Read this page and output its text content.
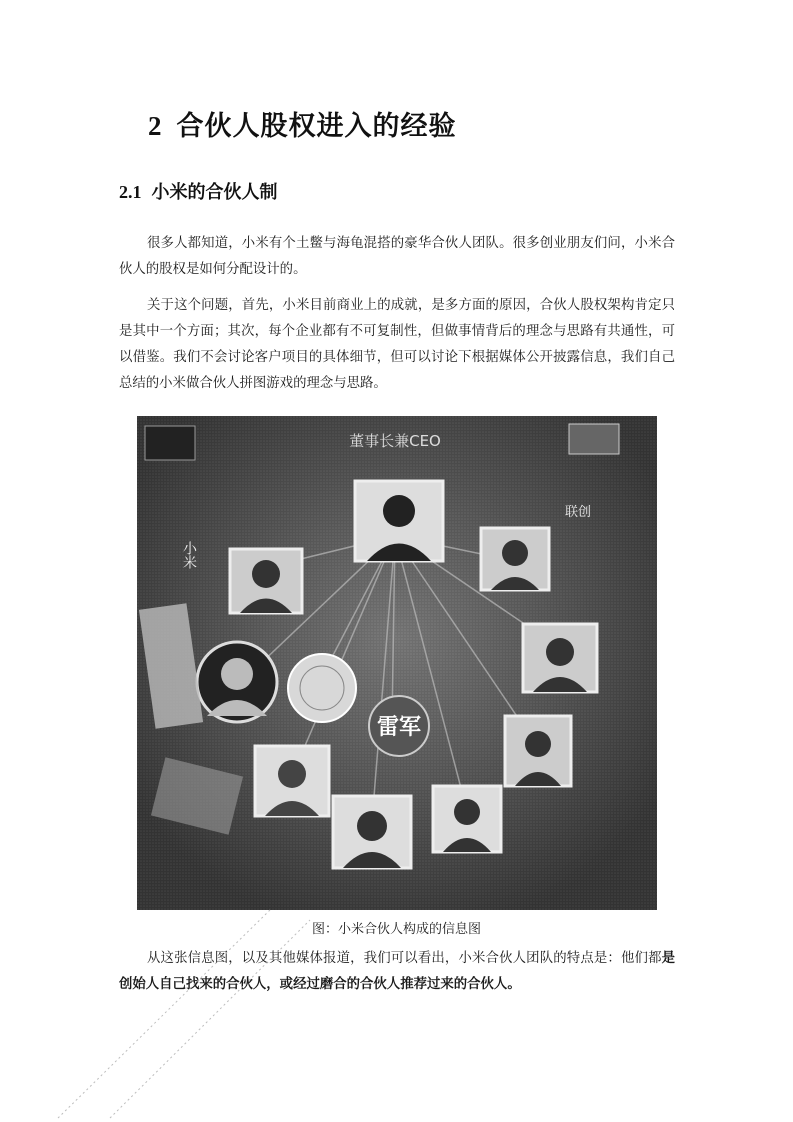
2 合伙人股权进入的经验
2.1 小米的合伙人制
很多人都知道，小米有个土鳖与海龟混搭的豪华合伙人团队。很多创业朋友们问，小米合伙人的股权是如何分配设计的。
关于这个问题，首先，小米目前商业上的成就，是多方面的原因，合伙人股权架构肯定只是其中一个方面；其次，每个企业都有不可复制性，但做事情背后的理念与思路有共通性，可以借鉴。我们不会讨论客户项目的具体细节，但可以讨论下根据媒体公开披露信息，我们自己总结的小米做合伙人拼图游戏的理念与思路。
董事长兼CEO
小米
联创
雷军
图：小米合伙人构成的信息图
从这张信息图，以及其他媒体报道，我们可以看出，小米合伙人团队的特点是：他们都是创始人自己找来的合伙人，或经过磨合的合伙人推荐过来的合伙人。
